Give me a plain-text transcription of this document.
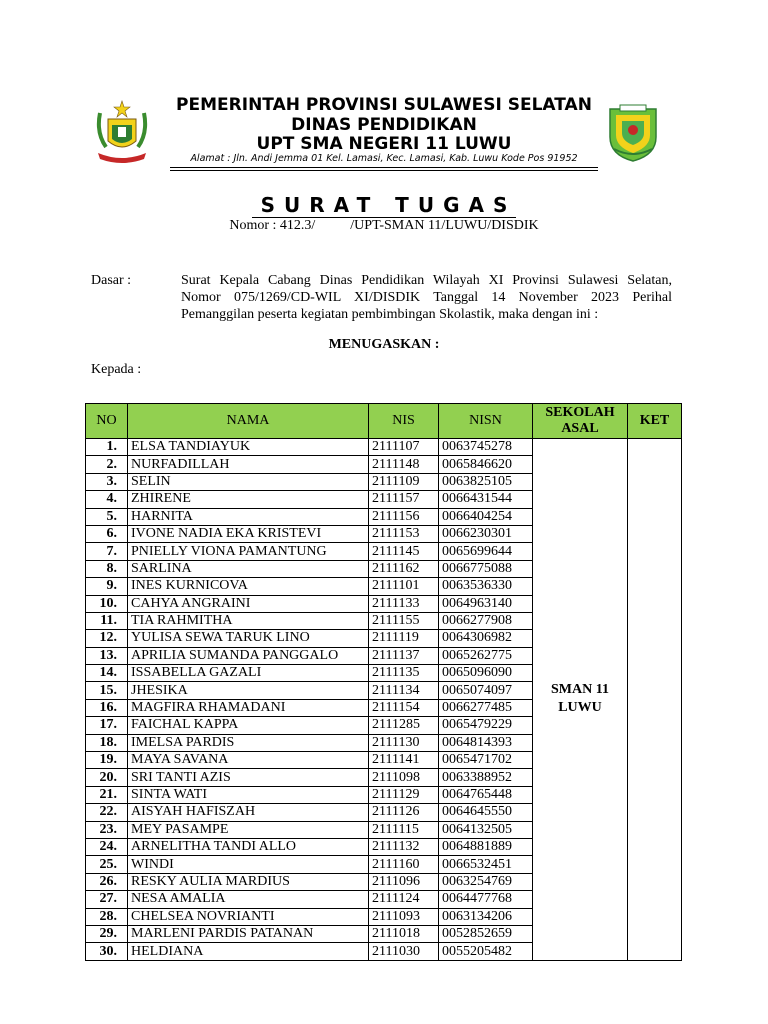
PEMERINTAH PROVINSI SULAWESI SELATAN
DINAS PENDIDIKAN
UPT SMA NEGERI 11 LUWU
Alamat : Jln. Andi Jemma 01 Kel. Lamasi, Kec. Lamasi, Kab. Luwu Kode Pos 91952
SURAT TUGAS
Nomor : 412.3/          /UPT-SMAN 11/LUWU/DISDIK
Dasar :	Surat Kepala Cabang Dinas Pendidikan Wilayah XI Provinsi Sulawesi Selatan,
Nomor 075/1269/CD-WIL XI/DISDIK Tanggal 14 November 2023 Perihal
Pemanggilan peserta kegiatan pembimbingan Skolastik, maka dengan ini :
MENUGASKAN :
Kepada :
NO	NAMA	NIS	NISN	SEKOLAH ASAL	KET
1.	ELSA TANDIAYUK	2111107	0063745278	SMAN 11 LUWU	
2.	NURFADILLAH	2111148	0065846620		
3.	SELIN	2111109	0063825105		
4.	ZHIRENE	2111157	0066431544		
5.	HARNITA	2111156	0066404254		
6.	IVONE NADIA EKA KRISTEVI	2111153	0066230301		
7.	PNIELLY VIONA PAMANTUNG	2111145	0065699644		
8.	SARLINA	2111162	0066775088		
9.	INES KURNICOVA	2111101	0063536330		
10.	CAHYA ANGRAINI	2111133	0064963140		
11.	TIA RAHMITHA	2111155	0066277908		
12.	YULISA SEWA TARUK LINO	2111119	0064306982		
13.	APRILIA SUMANDA PANGGALO	2111137	0065262775		
14.	ISSABELLA GAZALI	2111135	0065096090		
15.	JHESIKA	2111134	0065074097		
16.	MAGFIRA RHAMADANI	2111154	0066277485		
17.	FAICHAL KAPPA	2111285	0065479229		
18.	IMELSA PARDIS	2111130	0064814393		
19.	MAYA SAVANA	2111141	0065471702		
20.	SRI TANTI AZIS	2111098	0063388952		
21.	SINTA WATI	2111129	0064765448		
22.	AISYAH HAFISZAH	2111126	0064645550		
23.	MEY PASAMPE	2111115	0064132505		
24.	ARNELITHA TANDI ALLO	2111132	0064881889		
25.	WINDI	2111160	0066532451		
26.	RESKY AULIA MARDIUS	2111096	0063254769		
27.	NESA AMALIA	2111124	0064477768		
28.	CHELSEA NOVRIANTI	2111093	0063134206		
29.	MARLENI PARDIS PATANAN	2111018	0052852659		
30.	HELDIANA	2111030	0055205482		
